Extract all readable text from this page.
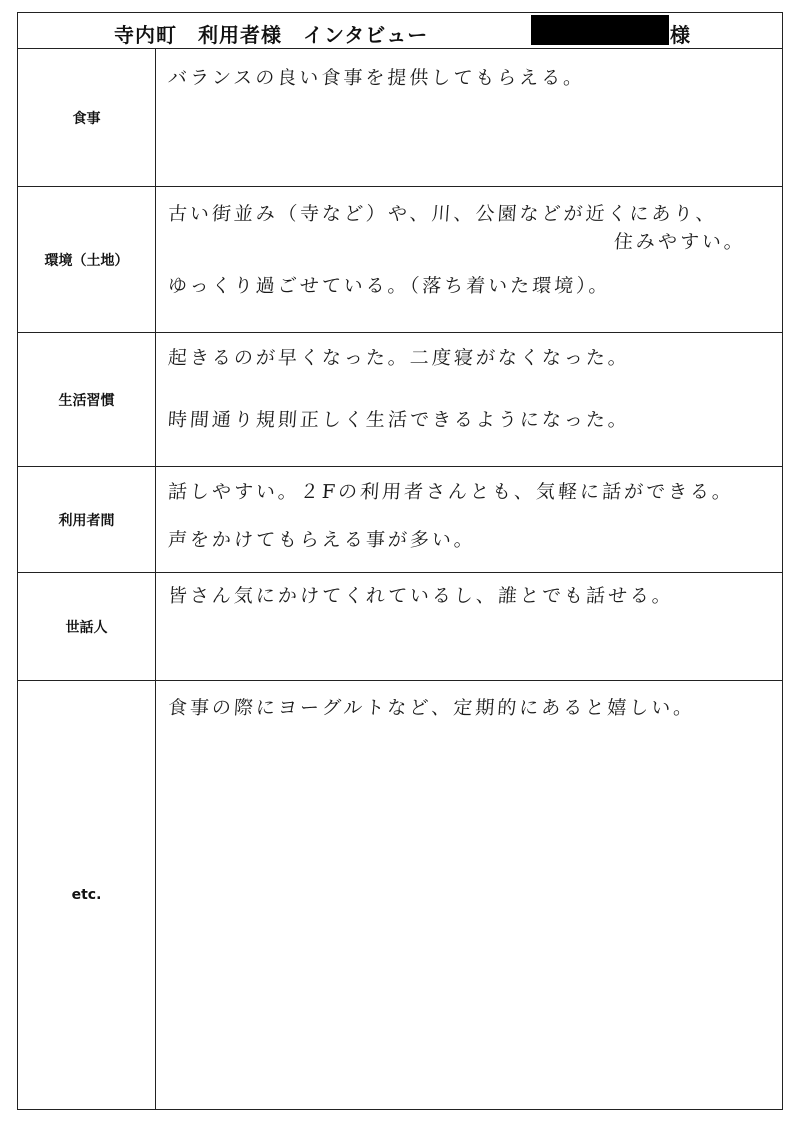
寺内町　利用者様　インタビュー	様
食事
バランスの良い食事を提供してもらえる。
環境（土地）
古い街並み（寺など）や、川、公園などが近くにあり、
住みやすい。
ゆっくり過ごせている。（落ち着いた環境）。
生活習慣
起きるのが早くなった。二度寝がなくなった。
時間通り規則正しく生活できるようになった。
利用者間
話しやすい。２Fの利用者さんとも、気軽に話ができる。
声をかけてもらえる事が多い。
世話人
皆さん気にかけてくれているし、誰とでも話せる。
etc.
食事の際にヨーグルトなど、定期的にあると嬉しい。
